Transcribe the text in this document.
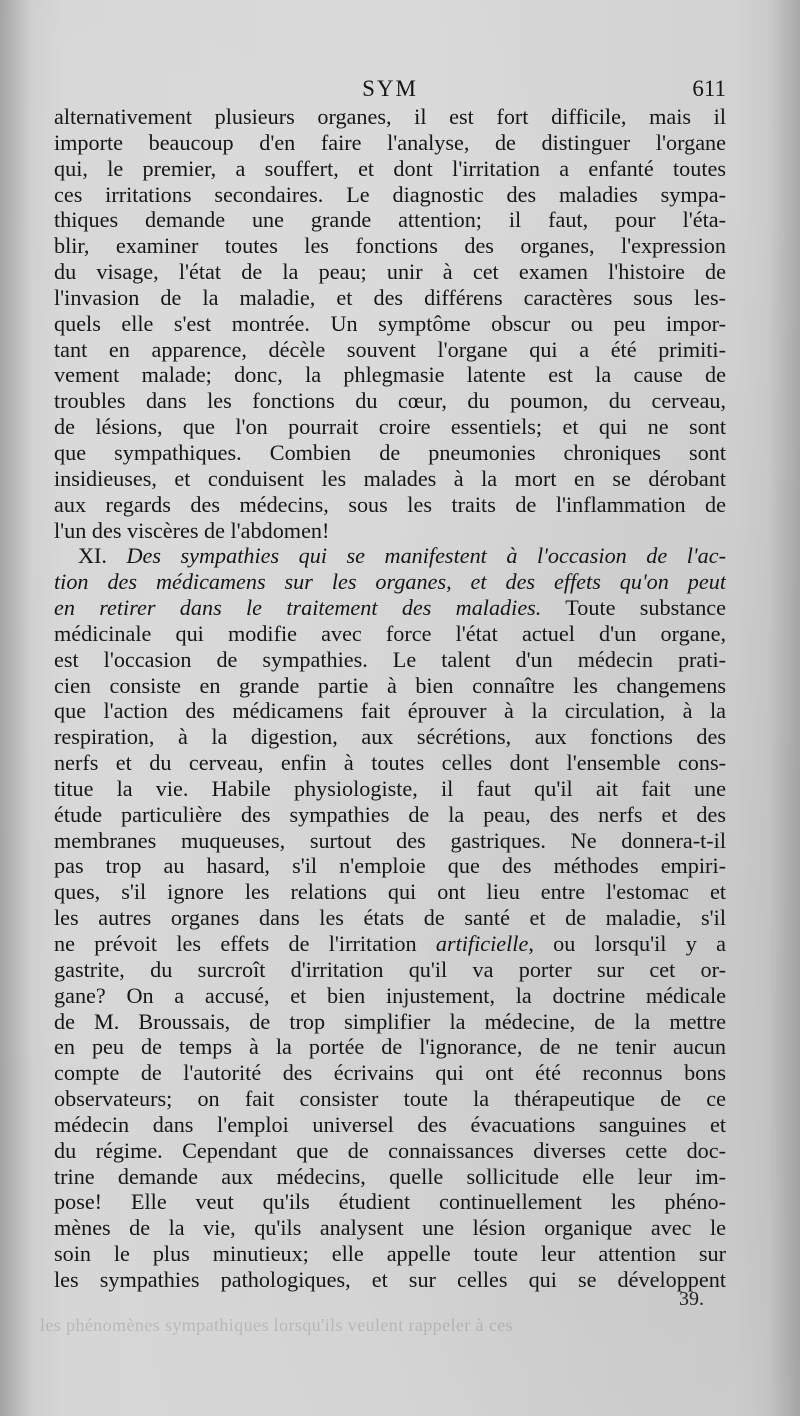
SYM	611
alternativement plusieurs organes, il est fort difficile, mais il
importe beaucoup d'en faire l'analyse, de distinguer l'organe
qui, le premier, a souffert, et dont l'irritation a enfanté toutes
ces irritations secondaires. Le diagnostic des maladies sympa-
thiques demande une grande attention; il faut, pour l'éta-
blir, examiner toutes les fonctions des organes, l'expression
du visage, l'état de la peau; unir à cet examen l'histoire de
l'invasion de la maladie, et des différens caractères sous les-
quels elle s'est montrée. Un symptôme obscur ou peu impor-
tant en apparence, décèle souvent l'organe qui a été primiti-
vement malade; donc, la phlegmasie latente est la cause de
troubles dans les fonctions du cœur, du poumon, du cerveau,
de lésions, que l'on pourrait croire essentiels; et qui ne sont
que sympathiques. Combien de pneumonies chroniques sont
insidieuses, et conduisent les malades à la mort en se dérobant
aux regards des médecins, sous les traits de l'inflammation de
l'un des viscères de l'abdomen!
XI. Des sympathies qui se manifestent à l'occasion de l'ac-
tion des médicamens sur les organes, et des effets qu'on peut
en retirer dans le traitement des maladies. Toute substance
médicinale qui modifie avec force l'état actuel d'un organe,
est l'occasion de sympathies. Le talent d'un médecin prati-
cien consiste en grande partie à bien connaître les changemens
que l'action des médicamens fait éprouver à la circulation, à la
respiration, à la digestion, aux sécrétions, aux fonctions des
nerfs et du cerveau, enfin à toutes celles dont l'ensemble cons-
titue la vie. Habile physiologiste, il faut qu'il ait fait une
étude particulière des sympathies de la peau, des nerfs et des
membranes muqueuses, surtout des gastriques. Ne donnera-t-il
pas trop au hasard, s'il n'emploie que des méthodes empiri-
ques, s'il ignore les relations qui ont lieu entre l'estomac et
les autres organes dans les états de santé et de maladie, s'il
ne prévoit les effets de l'irritation artificielle, ou lorsqu'il y a
gastrite, du surcroît d'irritation qu'il va porter sur cet or-
gane? On a accusé, et bien injustement, la doctrine médicale
de M. Broussais, de trop simplifier la médecine, de la mettre
en peu de temps à la portée de l'ignorance, de ne tenir aucun
compte de l'autorité des écrivains qui ont été reconnus bons
observateurs; on fait consister toute la thérapeutique de ce
médecin dans l'emploi universel des évacuations sanguines et
du régime. Cependant que de connaissances diverses cette doc-
trine demande aux médecins, quelle sollicitude elle leur im-
pose! Elle veut qu'ils étudient continuellement les phéno-
mènes de la vie, qu'ils analysent une lésion organique avec le
soin le plus minutieux; elle appelle toute leur attention sur
les sympathies pathologiques, et sur celles qui se développent
39.
les phénomènes sympathiques lorsqu'ils veulent rappeler à ces
